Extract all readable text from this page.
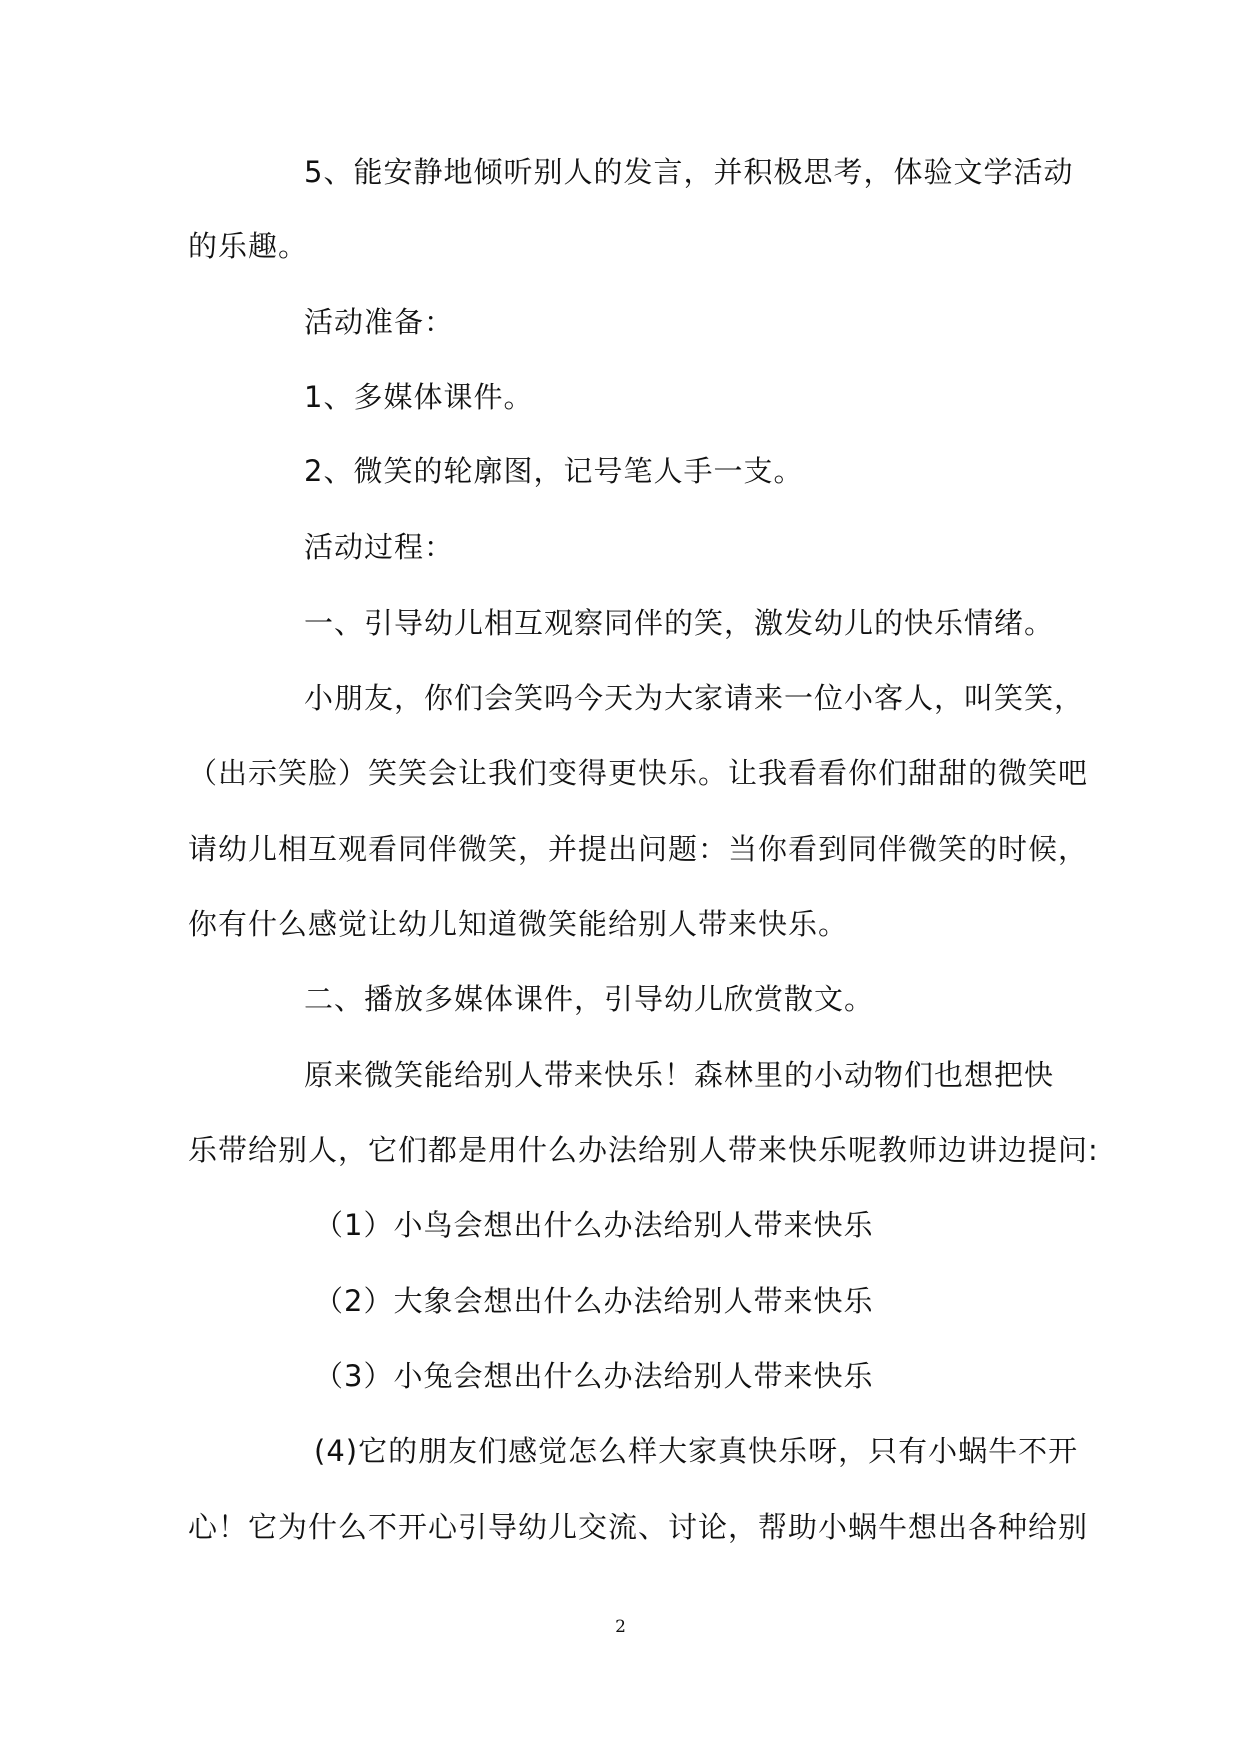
5、能安静地倾听别人的发言，并积极思考，体验文学活动
的乐趣。
活动准备：
1、多媒体课件。
2、微笑的轮廓图，记号笔人手一支。
活动过程：
一、引导幼儿相互观察同伴的笑，激发幼儿的快乐情绪。
小朋友，你们会笑吗今天为大家请来一位小客人，叫笑笑，
（出示笑脸）笑笑会让我们变得更快乐。让我看看你们甜甜的微笑吧
请幼儿相互观看同伴微笑，并提出问题：当你看到同伴微笑的时候，
你有什么感觉让幼儿知道微笑能给别人带来快乐。
二、播放多媒体课件，引导幼儿欣赏散文。
原来微笑能给别人带来快乐！森林里的小动物们也想把快
乐带给别人，它们都是用什么办法给别人带来快乐呢教师边讲边提问:
（1）小鸟会想出什么办法给别人带来快乐
（2）大象会想出什么办法给别人带来快乐
（3）小兔会想出什么办法给别人带来快乐
(4)它的朋友们感觉怎么样大家真快乐呀，只有小蜗牛不开
心！它为什么不开心引导幼儿交流、讨论，帮助小蜗牛想出各种给别
2
